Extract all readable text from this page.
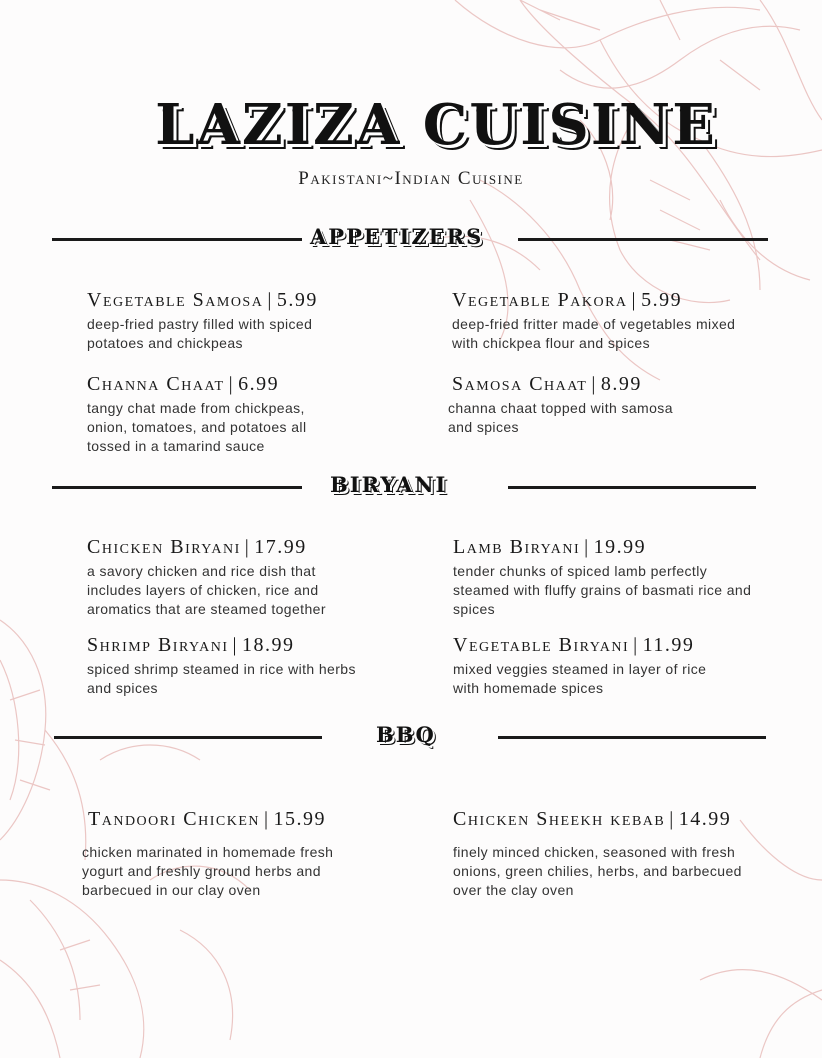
LAZIZA CUISINE
Pakistani~Indian Cuisine
APPETIZERS
Vegetable Samosa | 5.99
deep-fried pastry filled with spiced potatoes and chickpeas
Vegetable Pakora | 5.99
deep-fried fritter made of vegetables mixed with chickpea flour and spices
Channa Chaat | 6.99
tangy chat made from chickpeas, onion, tomatoes, and potatoes all tossed in a tamarind sauce
Samosa Chaat | 8.99
channa chaat topped with samosa and spices
BIRYANI
Chicken Biryani | 17.99
a savory chicken and rice dish that includes layers of chicken, rice and aromatics that are steamed together
Lamb Biryani | 19.99
tender chunks of spiced lamb perfectly steamed with fluffy grains of basmati rice and spices
Shrimp Biryani | 18.99
spiced shrimp steamed in rice with herbs and spices
Vegetable Biryani | 11.99
mixed veggies steamed in layer of rice with homemade spices
BBQ
Tandoori Chicken | 15.99
chicken marinated in homemade fresh yogurt and freshly ground herbs and barbecued in our clay oven
Chicken Sheekh kebab | 14.99
finely minced chicken, seasoned with fresh onions, green chilies, herbs, and barbecued over the clay oven
